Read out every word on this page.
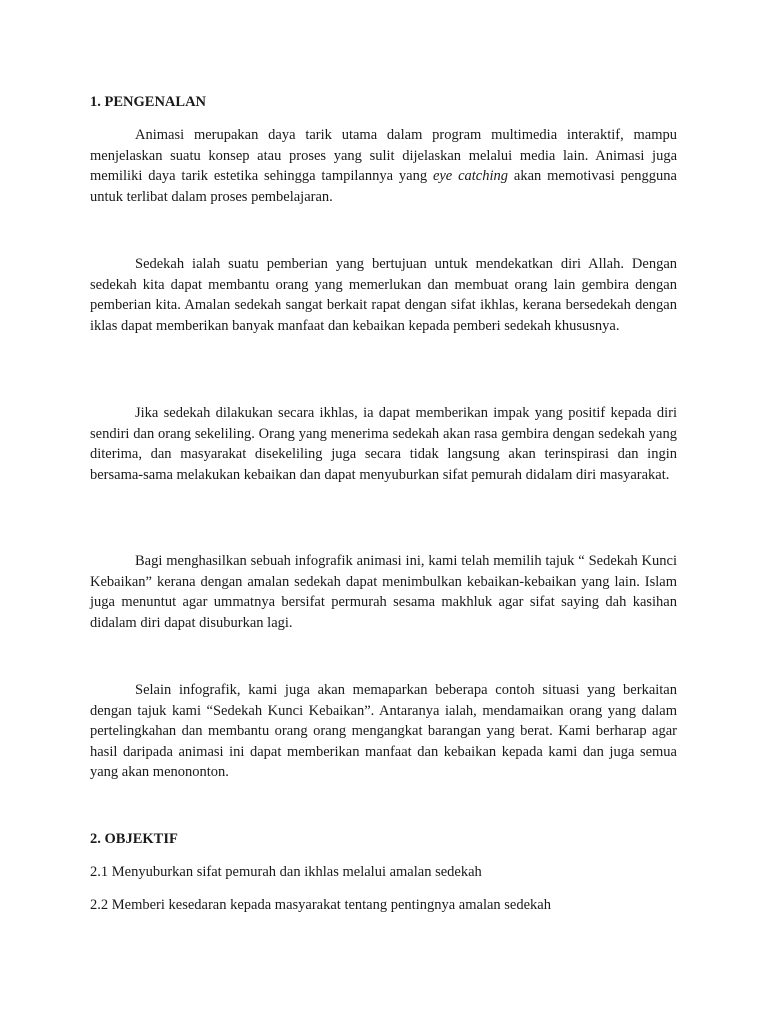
1. PENGENALAN

Animasi merupakan daya tarik utama dalam program multimedia interaktif, mampu menjelaskan suatu konsep atau proses yang sulit dijelaskan melalui media lain. Animasi juga memiliki daya tarik estetika sehingga tampilannya yang eye catching akan memotivasi pengguna untuk terlibat dalam proses pembelajaran.

Sedekah ialah suatu pemberian yang bertujuan untuk mendekatkan diri Allah. Dengan sedekah kita dapat membantu orang yang memerlukan dan membuat orang lain gembira dengan pemberian kita. Amalan sedekah sangat berkait rapat dengan sifat ikhlas, kerana bersedekah dengan iklas dapat memberikan banyak manfaat dan kebaikan kepada pemberi sedekah khususnya.

Jika sedekah dilakukan secara ikhlas, ia dapat memberikan impak yang positif kepada diri sendiri dan orang sekeliling. Orang yang menerima sedekah akan rasa gembira dengan sedekah yang diterima, dan masyarakat disekeliling juga secara tidak langsung akan terinspirasi dan ingin bersama-sama melakukan kebaikan dan dapat menyuburkan sifat pemurah didalam diri masyarakat.

Bagi menghasilkan sebuah infografik animasi ini, kami telah memilih tajuk “ Sedekah Kunci Kebaikan” kerana dengan amalan sedekah dapat menimbulkan kebaikan-kebaikan yang lain. Islam juga menuntut agar ummatnya bersifat permurah sesama makhluk agar sifat saying dah kasihan didalam diri dapat disuburkan lagi.

Selain infografik, kami juga akan memaparkan beberapa contoh situasi yang berkaitan dengan tajuk kami “Sedekah Kunci Kebaikan”. Antaranya ialah, mendamaikan orang yang dalam pertelingkahan dan membantu orang orang mengangkat barangan yang berat. Kami berharap agar hasil daripada animasi ini dapat memberikan manfaat dan kebaikan kepada kami dan juga semua yang akan menononton.

2. OBJEKTIF

2.1 Menyuburkan sifat pemurah dan ikhlas melalui amalan sedekah

2.2 Memberi kesedaran kepada masyarakat tentang pentingnya amalan sedekah
